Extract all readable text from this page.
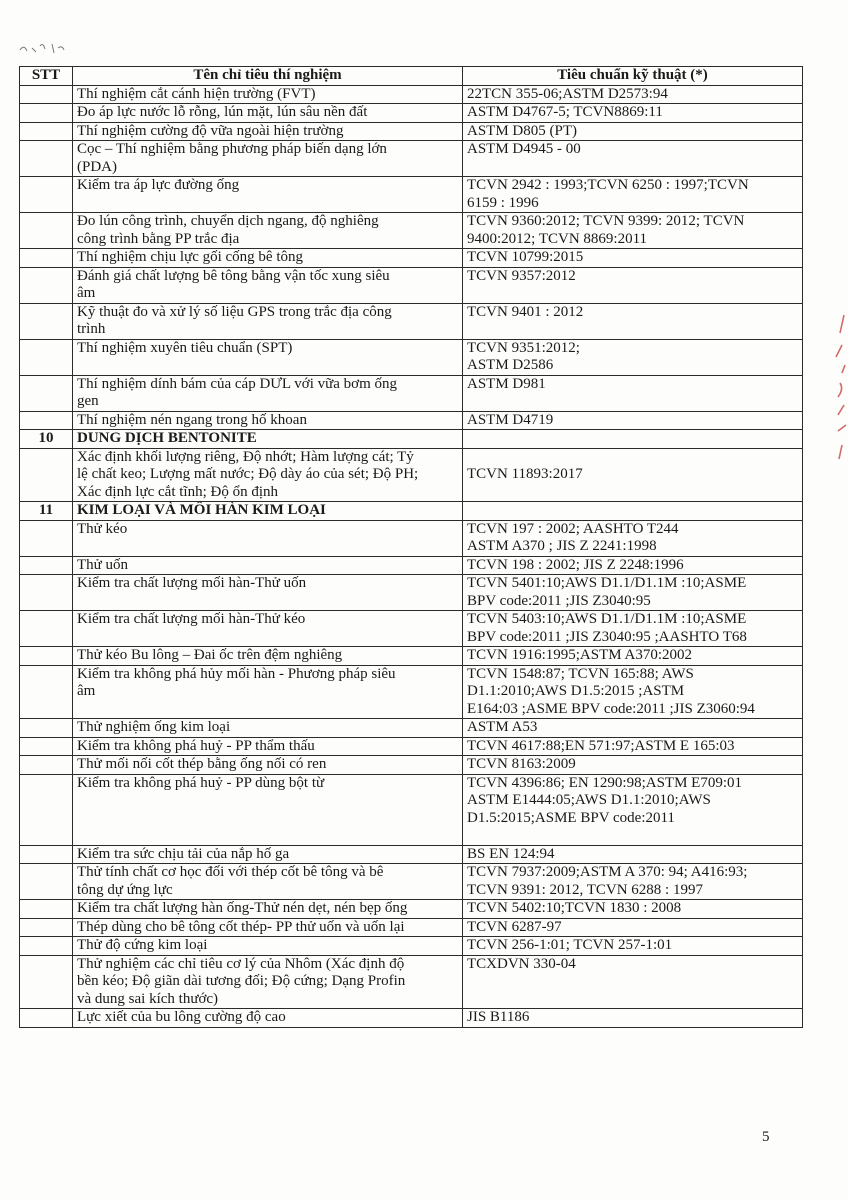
STT	Tên chỉ tiêu thí nghiệm	Tiêu chuẩn kỹ thuật (*)

	Thí nghiệm cắt cánh hiện trường (FVT)	22TCN 355-06;ASTM D2573:94

	Đo áp lực nước lỗ rỗng, lún mặt, lún sâu nền đất	ASTM D4767-5; TCVN8869:11

	Thí nghiệm cường độ vữa ngoài hiện trường	ASTM D805 (PT)

	Cọc – Thí nghiệm bằng phương pháp biến dạng lớn
(PDA)	ASTM D4945 - 00

	Kiểm tra áp lực đường ống	TCVN 2942 : 1993;TCVN 6250 : 1997;TCVN
6159 : 1996

	Đo lún công trình, chuyển dịch ngang, độ nghiêng
công trình bằng PP trắc địa	TCVN 9360:2012; TCVN 9399: 2012; TCVN
9400:2012; TCVN 8869:2011

	Thí nghiệm chịu lực gối cống bê tông	TCVN 10799:2015

	Đánh giá chất lượng bê tông bằng vận tốc xung siêu
âm	TCVN 9357:2012

	Kỹ thuật đo và xử lý số liệu GPS trong trắc địa công
trình	TCVN 9401 : 2012

	Thí nghiệm xuyên tiêu chuẩn (SPT)	TCVN 9351:2012;
ASTM D2586

	Thí nghiệm dính bám của cáp DƯL với vữa bơm ống
gen	ASTM D981

	Thí nghiệm nén ngang trong hố khoan	ASTM D4719

10	DUNG DỊCH BENTONITE

	Xác định khối lượng riêng, Độ nhớt; Hàm lượng cát; Tỷ
lệ chất keo; Lượng mất nước; Độ dày áo của sét; Độ PH;
Xác định lực cắt tĩnh; Độ ổn định	TCVN 11893:2017

11	KIM LOẠI VÀ MỐI HÀN KIM LOẠI

	Thử kéo	TCVN 197 : 2002; AASHTO T244
ASTM A370 ; JIS Z 2241:1998

	Thử uốn	TCVN 198 : 2002; JIS Z 2248:1996

	Kiểm tra chất lượng mối hàn-Thử uốn	TCVN 5401:10;AWS D1.1/D1.1M :10;ASME
BPV code:2011 ;JIS Z3040:95

	Kiểm tra chất lượng mối hàn-Thử kéo	TCVN 5403:10;AWS D1.1/D1.1M :10;ASME
BPV code:2011 ;JIS Z3040:95 ;AASHTO T68

	Thử kéo Bu lông – Đai ốc trên đệm nghiêng	TCVN 1916:1995;ASTM A370:2002

	Kiểm tra không phá hủy mối hàn - Phương pháp siêu
âm	TCVN 1548:87; TCVN 165:88; AWS
D1.1:2010;AWS D1.5:2015 ;ASTM
E164:03 ;ASME BPV code:2011 ;JIS Z3060:94

	Thử nghiệm ống kim loại	ASTM A53

	Kiểm tra không phá huỷ - PP thẩm thấu	TCVN 4617:88;EN 571:97;ASTM E 165:03

	Thử mối nối cốt thép bằng ống nối có ren	TCVN 8163:2009

	Kiểm tra không phá huỷ - PP dùng bột từ	TCVN 4396:86; EN 1290:98;ASTM E709:01
ASTM E1444:05;AWS D1.1:2010;AWS
D1.5:2015;ASME BPV code:2011

	Kiểm tra sức chịu tải của nắp hố ga	BS EN 124:94

	Thử tính chất cơ học đối với thép cốt bê tông và bê
tông dự ứng lực	TCVN 7937:2009;ASTM A 370: 94; A416:93;
TCVN 9391: 2012, TCVN 6288 : 1997

	Kiểm tra chất lượng hàn ống-Thử nén dẹt, nén bẹp ống	TCVN 5402:10;TCVN 1830 : 2008

	Thép dùng cho bê tông cốt thép- PP thử uốn và uốn lại	TCVN 6287-97

	Thử độ cứng kim loại	TCVN 256-1:01; TCVN 257-1:01

	Thử nghiệm các chỉ tiêu cơ lý của Nhôm (Xác định độ
bền kéo; Độ giãn dài tương đối; Độ cứng; Dạng Profin
và dung sai kích thước)	TCXDVN 330-04

	Lực xiết của bu lông cường độ cao	JIS B1186
5
